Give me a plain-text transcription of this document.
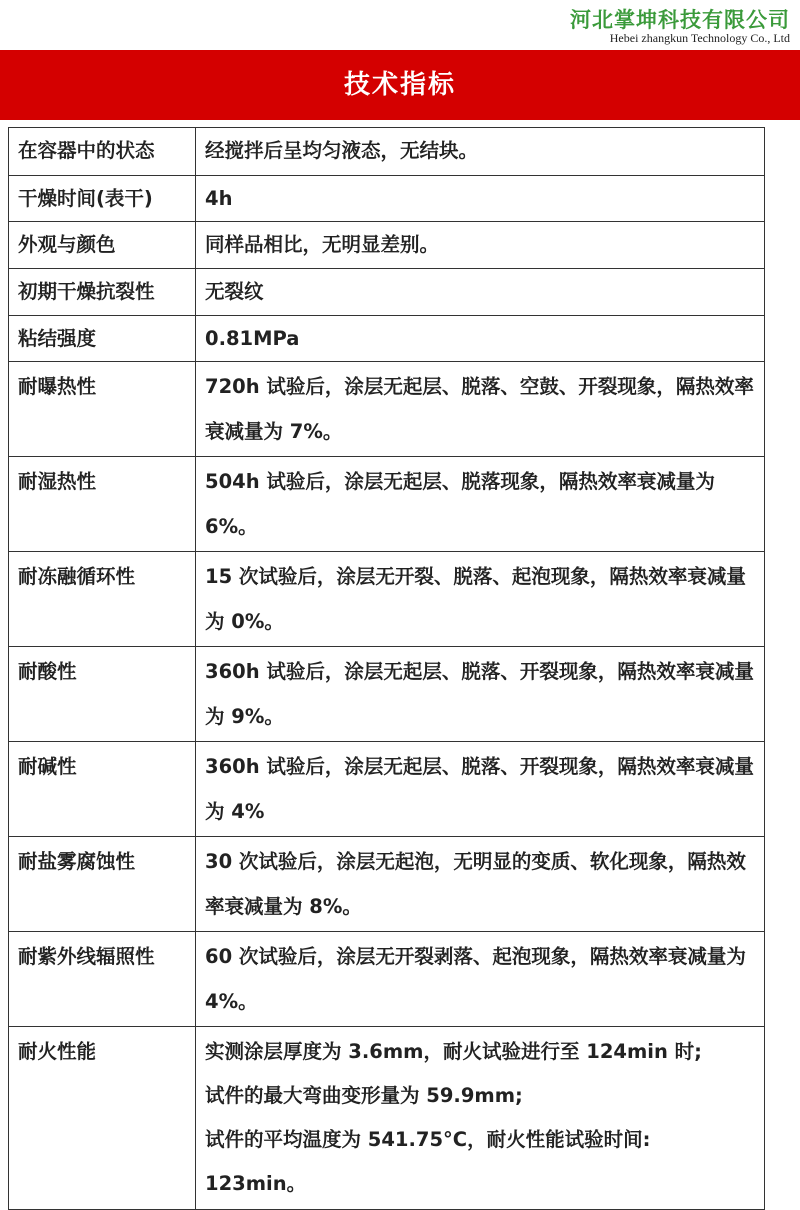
河北掌坤科技有限公司
Hebei zhangkun Technology Co., Ltd
技术指标
在容器中的状态	经搅拌后呈均匀液态，无结块。
干燥时间(表干)	4h
外观与颜色	同样品相比，无明显差别。
初期干燥抗裂性	无裂纹
粘结强度	0.81MPa
耐曝热性	720h 试验后，涂层无起层、脱落、空鼓、开裂现象，隔热效率衰减量为 7%。
耐湿热性	504h 试验后，涂层无起层、脱落现象，隔热效率衰减量为 6%。
耐冻融循环性	15 次试验后，涂层无开裂、脱落、起泡现象，隔热效率衰减量为 0%。
耐酸性	360h 试验后，涂层无起层、脱落、开裂现象，隔热效率衰减量为 9%。
耐碱性	360h 试验后，涂层无起层、脱落、开裂现象，隔热效率衰减量为 4%
耐盐雾腐蚀性	30 次试验后，涂层无起泡，无明显的变质、软化现象，隔热效率衰减量为 8%。
耐紫外线辐照性	60 次试验后，涂层无开裂剥落、起泡现象，隔热效率衰减量为 4%。
耐火性能	实测涂层厚度为 3.6mm，耐火试验进行至 124min 时;
试件的最大弯曲变形量为 59.9mm;
试件的平均温度为 541.75°C，耐火性能试验时间:
123min。
